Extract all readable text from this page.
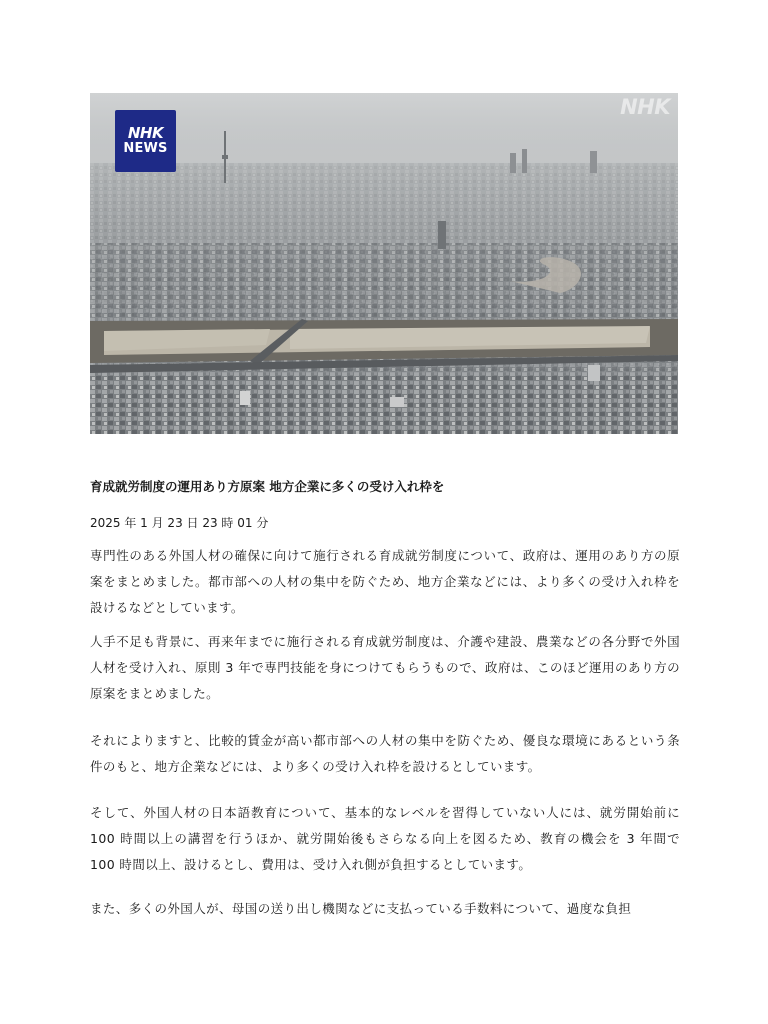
NHK
NEWS
NHK
育成就労制度の運用あり方原案 地方企業に多くの受け入れ枠を

2025 年 1 月 23 日 23 時 01 分

専門性のある外国人材の確保に向けて施行される育成就労制度について、政府は、運用のあり方の原案をまとめました。都市部への人材の集中を防ぐため、地方企業などには、より多くの受け入れ枠を設けるなどとしています。

人手不足も背景に、再来年までに施行される育成就労制度は、介護や建設、農業などの各分野で外国人材を受け入れ、原則 3 年で専門技能を身につけてもらうもので、政府は、このほど運用のあり方の原案をまとめました。

それによりますと、比較的賃金が高い都市部への人材の集中を防ぐため、優良な環境にあるという条件のもと、地方企業などには、より多くの受け入れ枠を設けるとしています。

そして、外国人材の日本語教育について、基本的なレベルを習得していない人には、就労開始前に 100 時間以上の講習を行うほか、就労開始後もさらなる向上を図るため、教育の機会を 3 年間で 100 時間以上、設けるとし、費用は、受け入れ側が負担するとしています。

また、多くの外国人が、母国の送り出し機関などに支払っている手数料について、過度な負担
